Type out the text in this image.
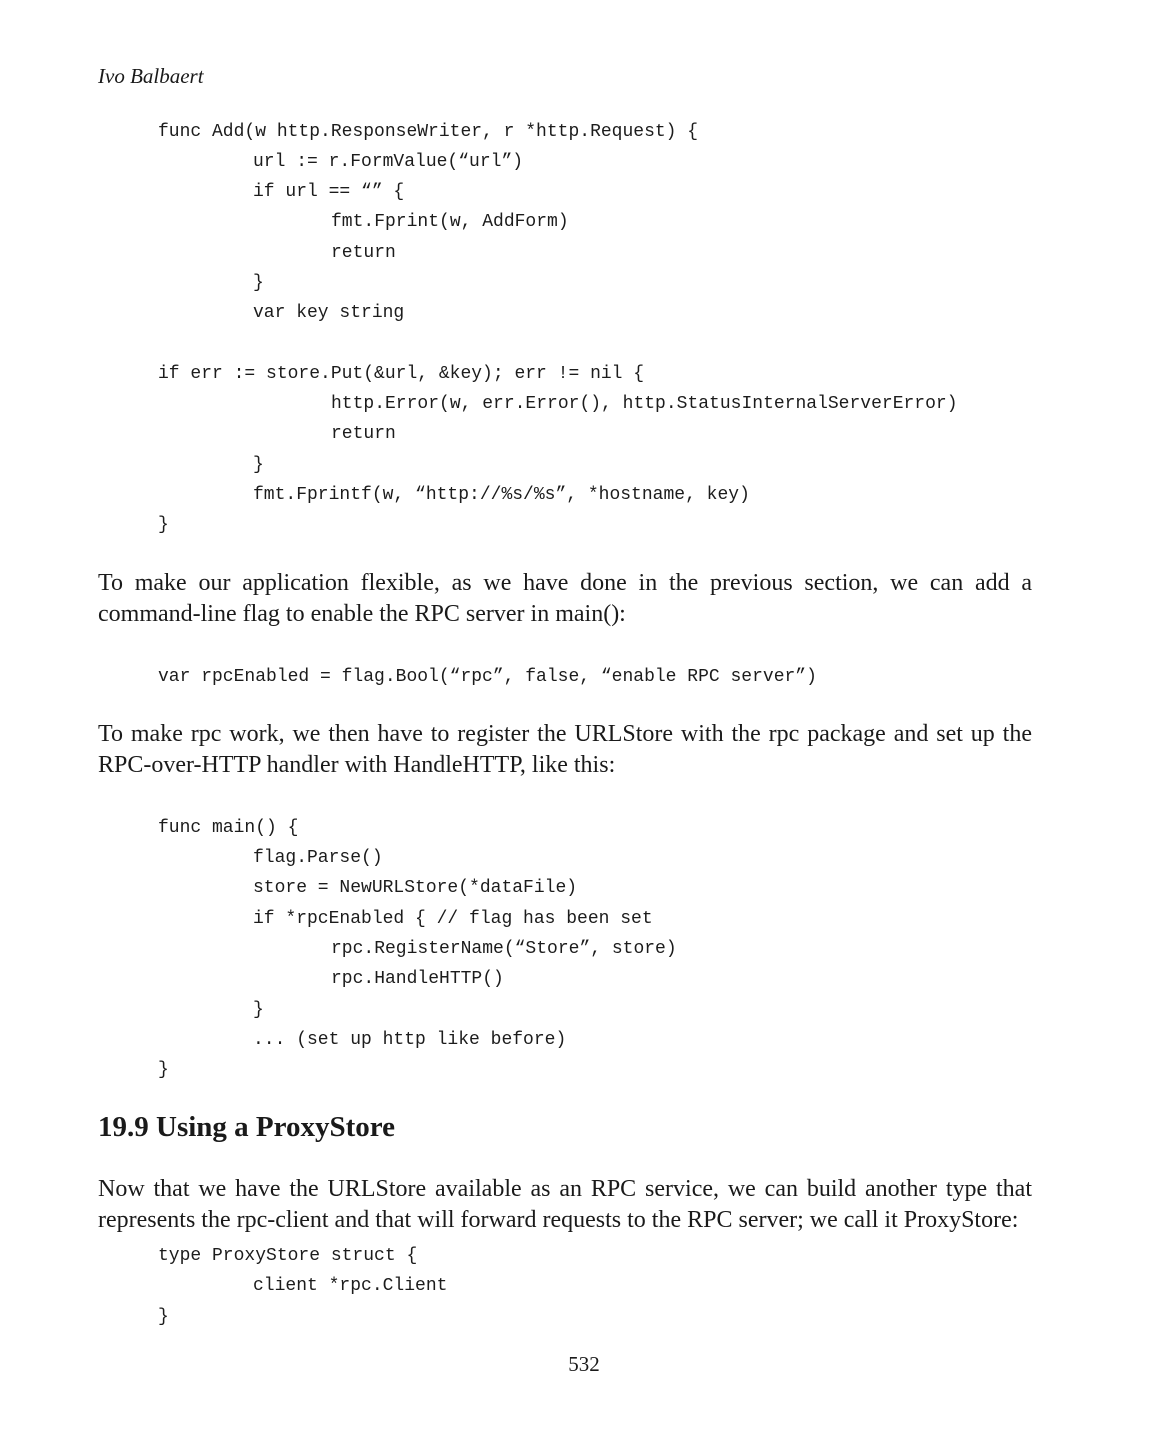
Ivo Balbaert
func Add(w http.ResponseWriter, r *http.Request) {
url := r.FormValue(“url”)
if url == “” {
fmt.Fprint(w, AddForm)
return
}
var key string
if err := store.Put(&url, &key); err != nil {
http.Error(w, err.Error(), http.StatusInternalServerError)
return
}
fmt.Fprintf(w, “http://%s/%s”, *hostname, key)
}

To make our application flexible, as we have done in the previous section, we can add a command-line flag to enable the RPC server in main():

var rpcEnabled = flag.Bool(“rpc”, false, “enable RPC server”)

To make rpc work, we then have to register the URLStore with the rpc package and set up the RPC-over-HTTP handler with HandleHTTP, like this:

func main() {
flag.Parse()
store = NewURLStore(*dataFile)
if *rpcEnabled { // flag has been set
rpc.RegisterName(“Store”, store)
rpc.HandleHTTP()
}
... (set up http like before)
}
19.9 Using a ProxyStore

Now that we have the URLStore available as an RPC service, we can build another type that represents the rpc-client and that will forward requests to the RPC server; we call it ProxyStore:

type ProxyStore struct {
client *rpc.Client
}
532
